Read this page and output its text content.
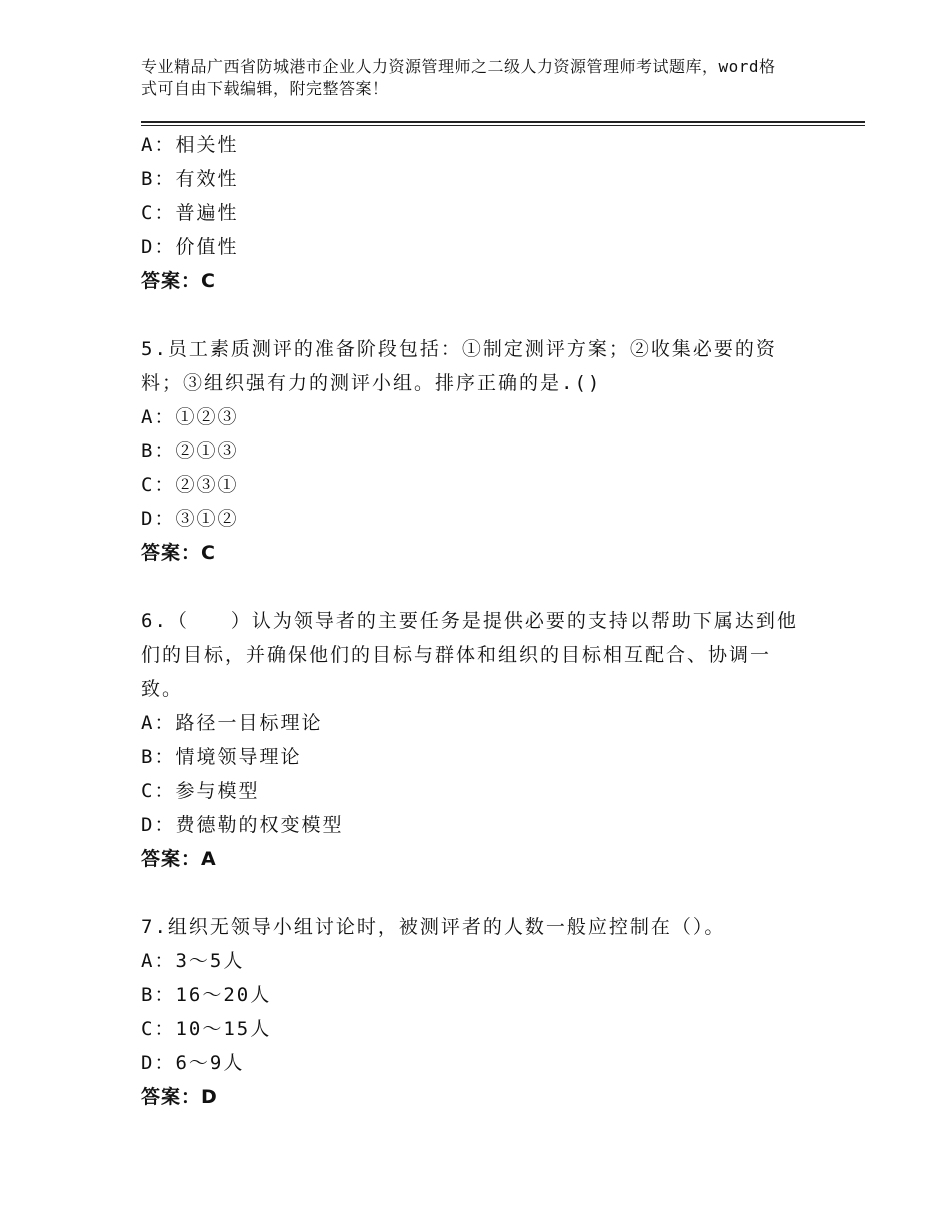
专业精品广西省防城港市企业人力资源管理师之二级人力资源管理师考试题库，word格式可自由下载编辑，附完整答案！
A：相关性
B：有效性
C：普遍性
D：价值性
答案：C
5.员工素质测评的准备阶段包括：①制定测评方案；②收集必要的资料；③组织强有力的测评小组。排序正确的是.()
A：①②③
B：②①③
C：②③①
D：③①②
答案：C
6.（　　）认为领导者的主要任务是提供必要的支持以帮助下属达到他们的目标，并确保他们的目标与群体和组织的目标相互配合、协调一致。
A：路径一目标理论
B：情境领导理论
C：参与模型
D：费德勒的权变模型
答案：A
7.组织无领导小组讨论时，被测评者的人数一般应控制在（）。
A：3～5人
B：16～20人
C：10～15人
D：6～9人
答案：D
